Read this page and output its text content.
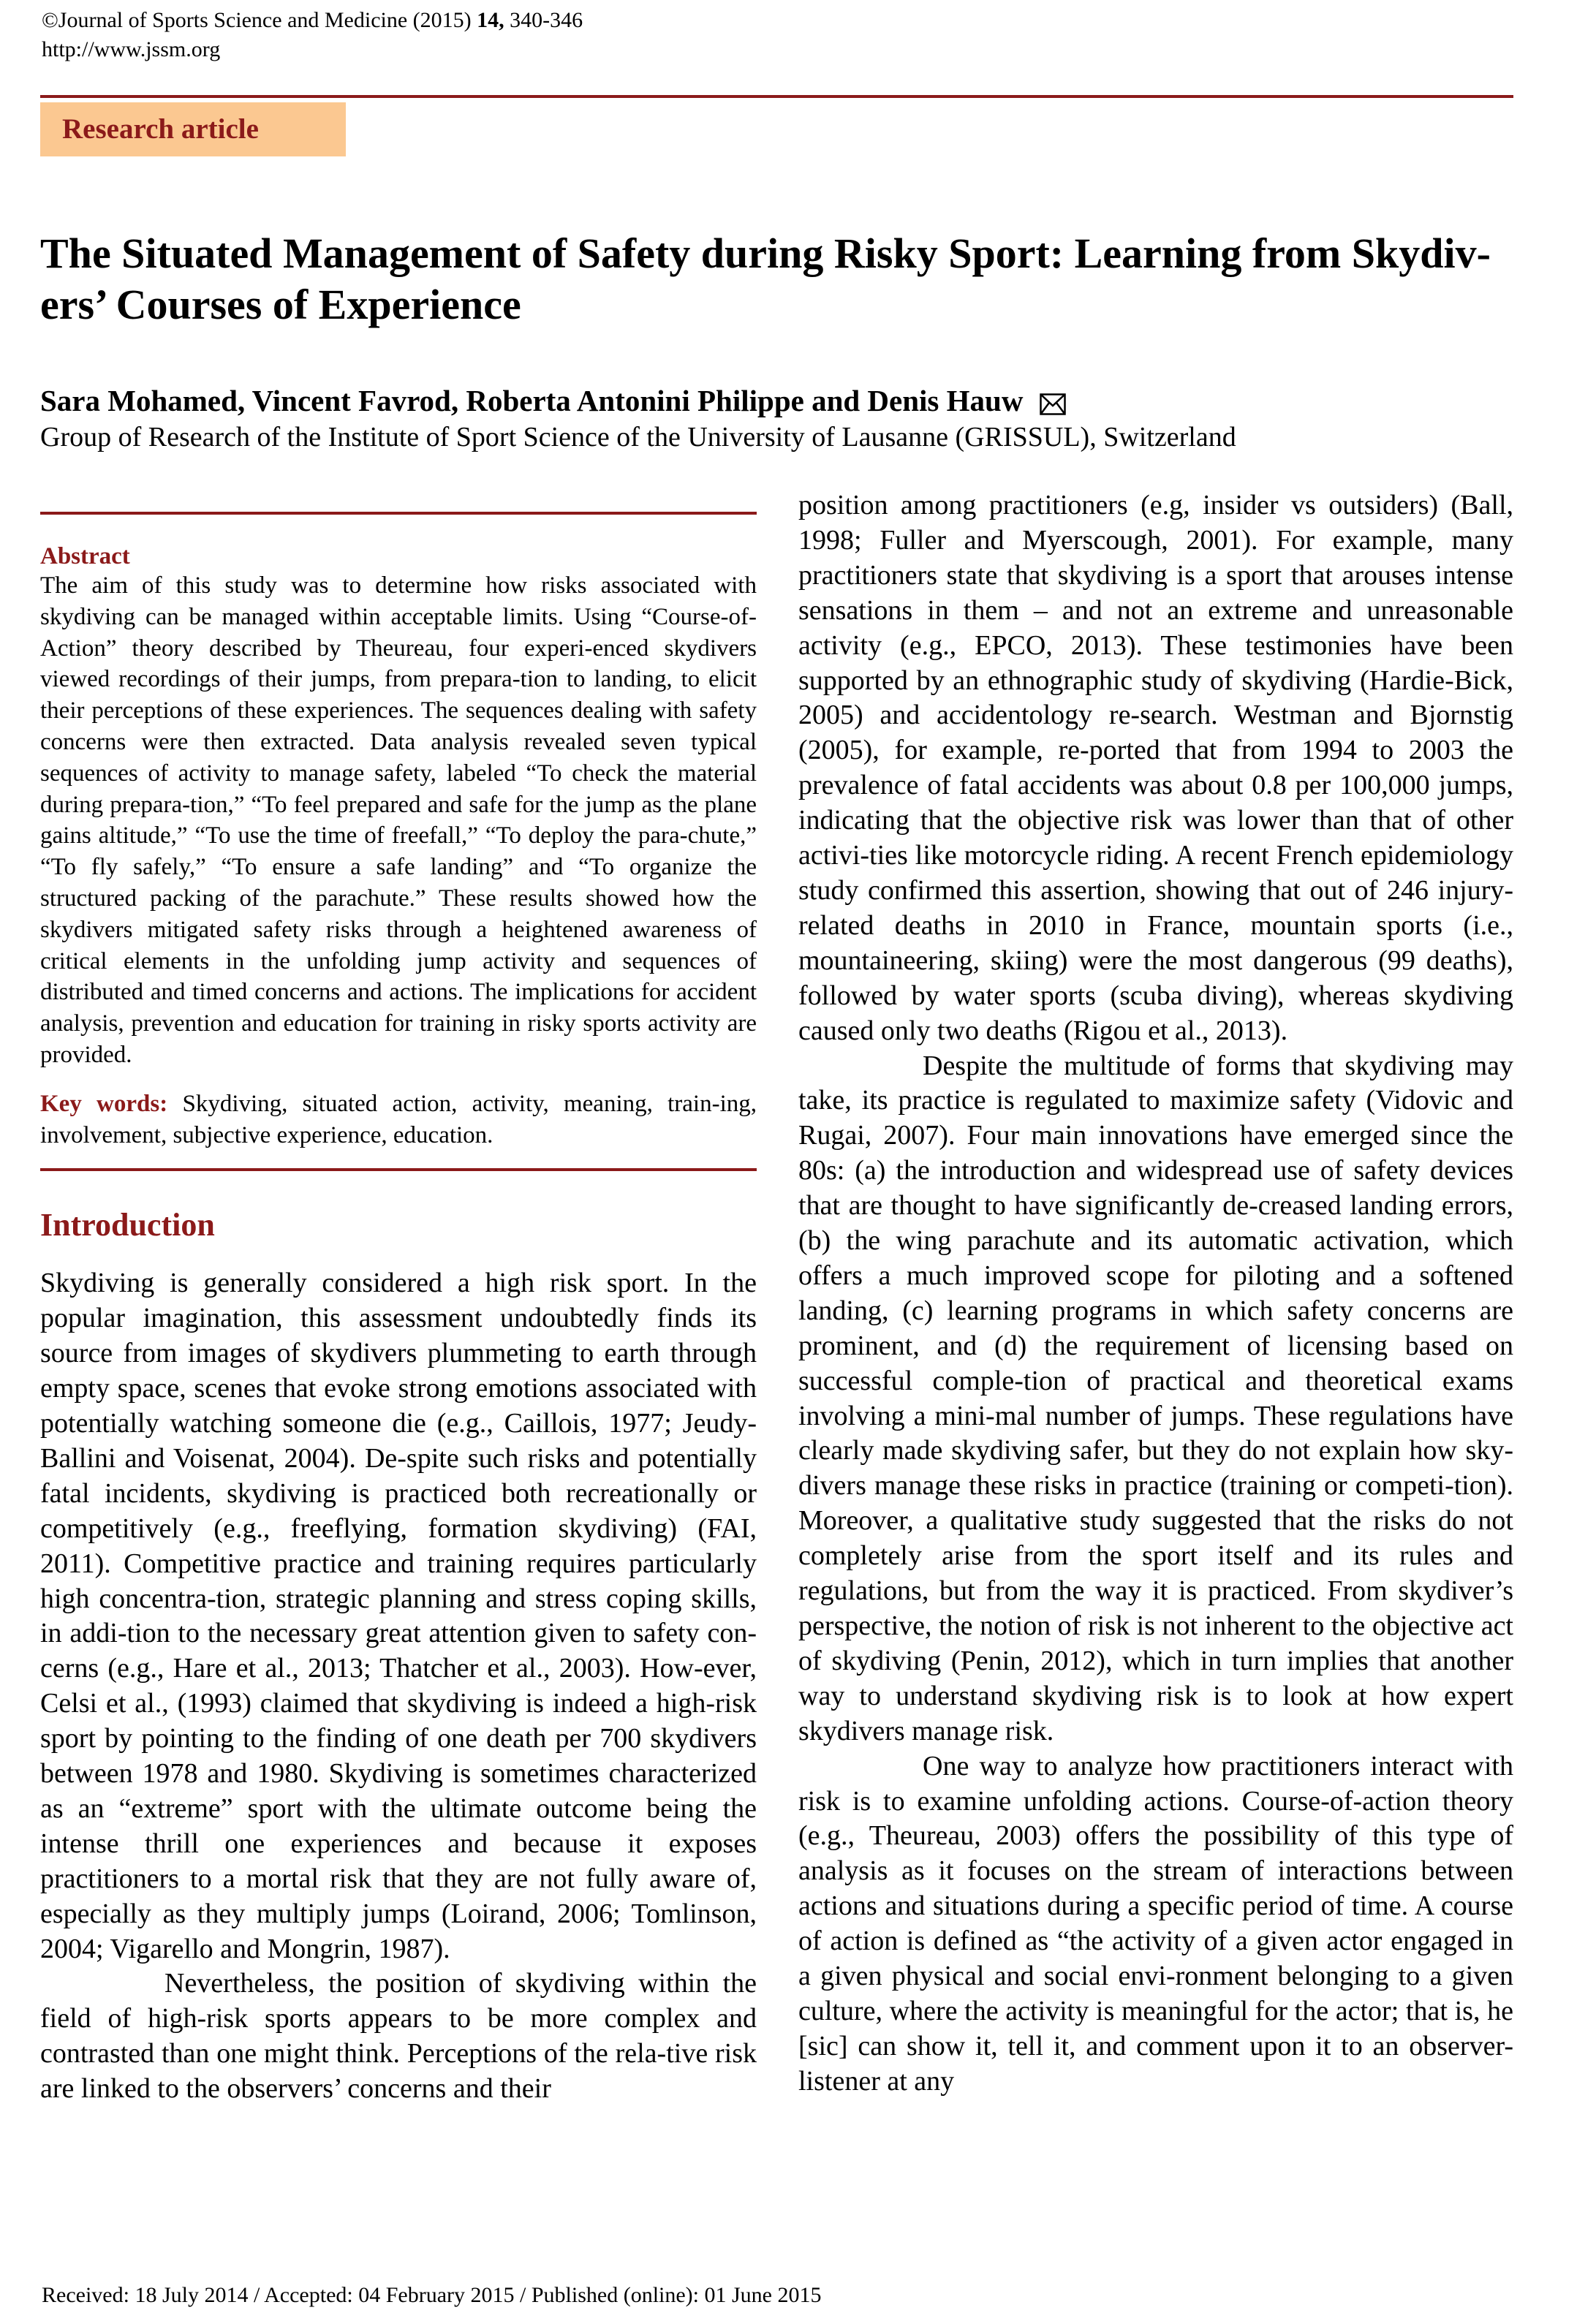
©Journal of Sports Science and Medicine (2015) 14, 340-346
http://www.jssm.org
Research article
The Situated Management of Safety during Risky Sport: Learning from Skydiv-ers’ Courses of Experience
Sara Mohamed, Vincent Favrod, Roberta Antonini Philippe and Denis Hauw
Group of Research of the Institute of Sport Science of the University of Lausanne (GRISSUL), Switzerland
Abstract

The aim of this study was to determine how risks associated with skydiving can be managed within acceptable limits. Using “Course-of-Action” theory described by Theureau, four experi-enced skydivers viewed recordings of their jumps, from prepara-tion to landing, to elicit their perceptions of these experiences. The sequences dealing with safety concerns were then extracted. Data analysis revealed seven typical sequences of activity to manage safety, labeled “To check the material during prepara-tion,” “To feel prepared and safe for the jump as the plane gains altitude,” “To use the time of freefall,” “To deploy the para-chute,” “To fly safely,” “To ensure a safe landing” and “To organize the structured packing of the parachute.” These results showed how the skydivers mitigated safety risks through a heightened awareness of critical elements in the unfolding jump activity and sequences of distributed and timed concerns and actions. The implications for accident analysis, prevention and education for training in risky sports activity are provided.

Key words: Skydiving, situated action, activity, meaning, train-ing, involvement, subjective experience, education.

Introduction

Skydiving is generally considered a high risk sport. In the popular imagination, this assessment undoubtedly finds its source from images of skydivers plummeting to earth through empty space, scenes that evoke strong emotions associated with potentially watching someone die (e.g., Caillois, 1977; Jeudy-Ballini and Voisenat, 2004). De-spite such risks and potentially fatal incidents, skydiving is practiced both recreationally or competitively (e.g., freeflying, formation skydiving) (FAI, 2011). Competitive practice and training requires particularly high concentra-tion, strategic planning and stress coping skills, in addi-tion to the necessary great attention given to safety con-cerns (e.g., Hare et al., 2013; Thatcher et al., 2003). How-ever, Celsi et al., (1993) claimed that skydiving is indeed a high-risk sport by pointing to the finding of one death per 700 skydivers between 1978 and 1980. Skydiving is sometimes characterized as an “extreme” sport with the ultimate outcome being the intense thrill one experiences and because it exposes practitioners to a mortal risk that they are not fully aware of, especially as they multiply jumps (Loirand, 2006; Tomlinson, 2004; Vigarello and Mongrin, 1987).

Nevertheless, the position of skydiving within the field of high-risk sports appears to be more complex and contrasted than one might think. Perceptions of the rela-tive risk are linked to the observers’ concerns and their

position among practitioners (e.g, insider vs outsiders) (Ball, 1998; Fuller and Myerscough, 2001). For example, many practitioners state that skydiving is a sport that arouses intense sensations in them – and not an extreme and unreasonable activity (e.g., EPCO, 2013). These testimonies have been supported by an ethnographic study of skydiving (Hardie-Bick, 2005) and accidentology re-search. Westman and Bjornstig (2005), for example, re-ported that from 1994 to 2003 the prevalence of fatal accidents was about 0.8 per 100,000 jumps, indicating that the objective risk was lower than that of other activi-ties like motorcycle riding. A recent French epidemiology study confirmed this assertion, showing that out of 246 injury-related deaths in 2010 in France, mountain sports (i.e., mountaineering, skiing) were the most dangerous (99 deaths), followed by water sports (scuba diving), whereas skydiving caused only two deaths (Rigou et al., 2013).

Despite the multitude of forms that skydiving may take, its practice is regulated to maximize safety (Vidovic and Rugai, 2007). Four main innovations have emerged since the 80s: (a) the introduction and widespread use of safety devices that are thought to have significantly de-creased landing errors, (b) the wing parachute and its automatic activation, which offers a much improved scope for piloting and a softened landing, (c) learning programs in which safety concerns are prominent, and (d) the requirement of licensing based on successful comple-tion of practical and theoretical exams involving a mini-mal number of jumps. These regulations have clearly made skydiving safer, but they do not explain how sky-divers manage these risks in practice (training or competi-tion). Moreover, a qualitative study suggested that the risks do not completely arise from the sport itself and its rules and regulations, but from the way it is practiced. From skydiver’s perspective, the notion of risk is not inherent to the objective act of skydiving (Penin, 2012), which in turn implies that another way to understand skydiving risk is to look at how expert skydivers manage risk.

One way to analyze how practitioners interact with risk is to examine unfolding actions. Course-of-action theory (e.g., Theureau, 2003) offers the possibility of this type of analysis as it focuses on the stream of interactions between actions and situations during a specific period of time. A course of action is defined as “the activity of a given actor engaged in a given physical and social envi-ronment belonging to a given culture, where the activity is meaningful for the actor; that is, he [sic] can show it, tell it, and comment upon it to an observer-listener at any

Received: 18 July 2014 / Accepted: 04 February 2015 / Published (online): 01 June 2015
